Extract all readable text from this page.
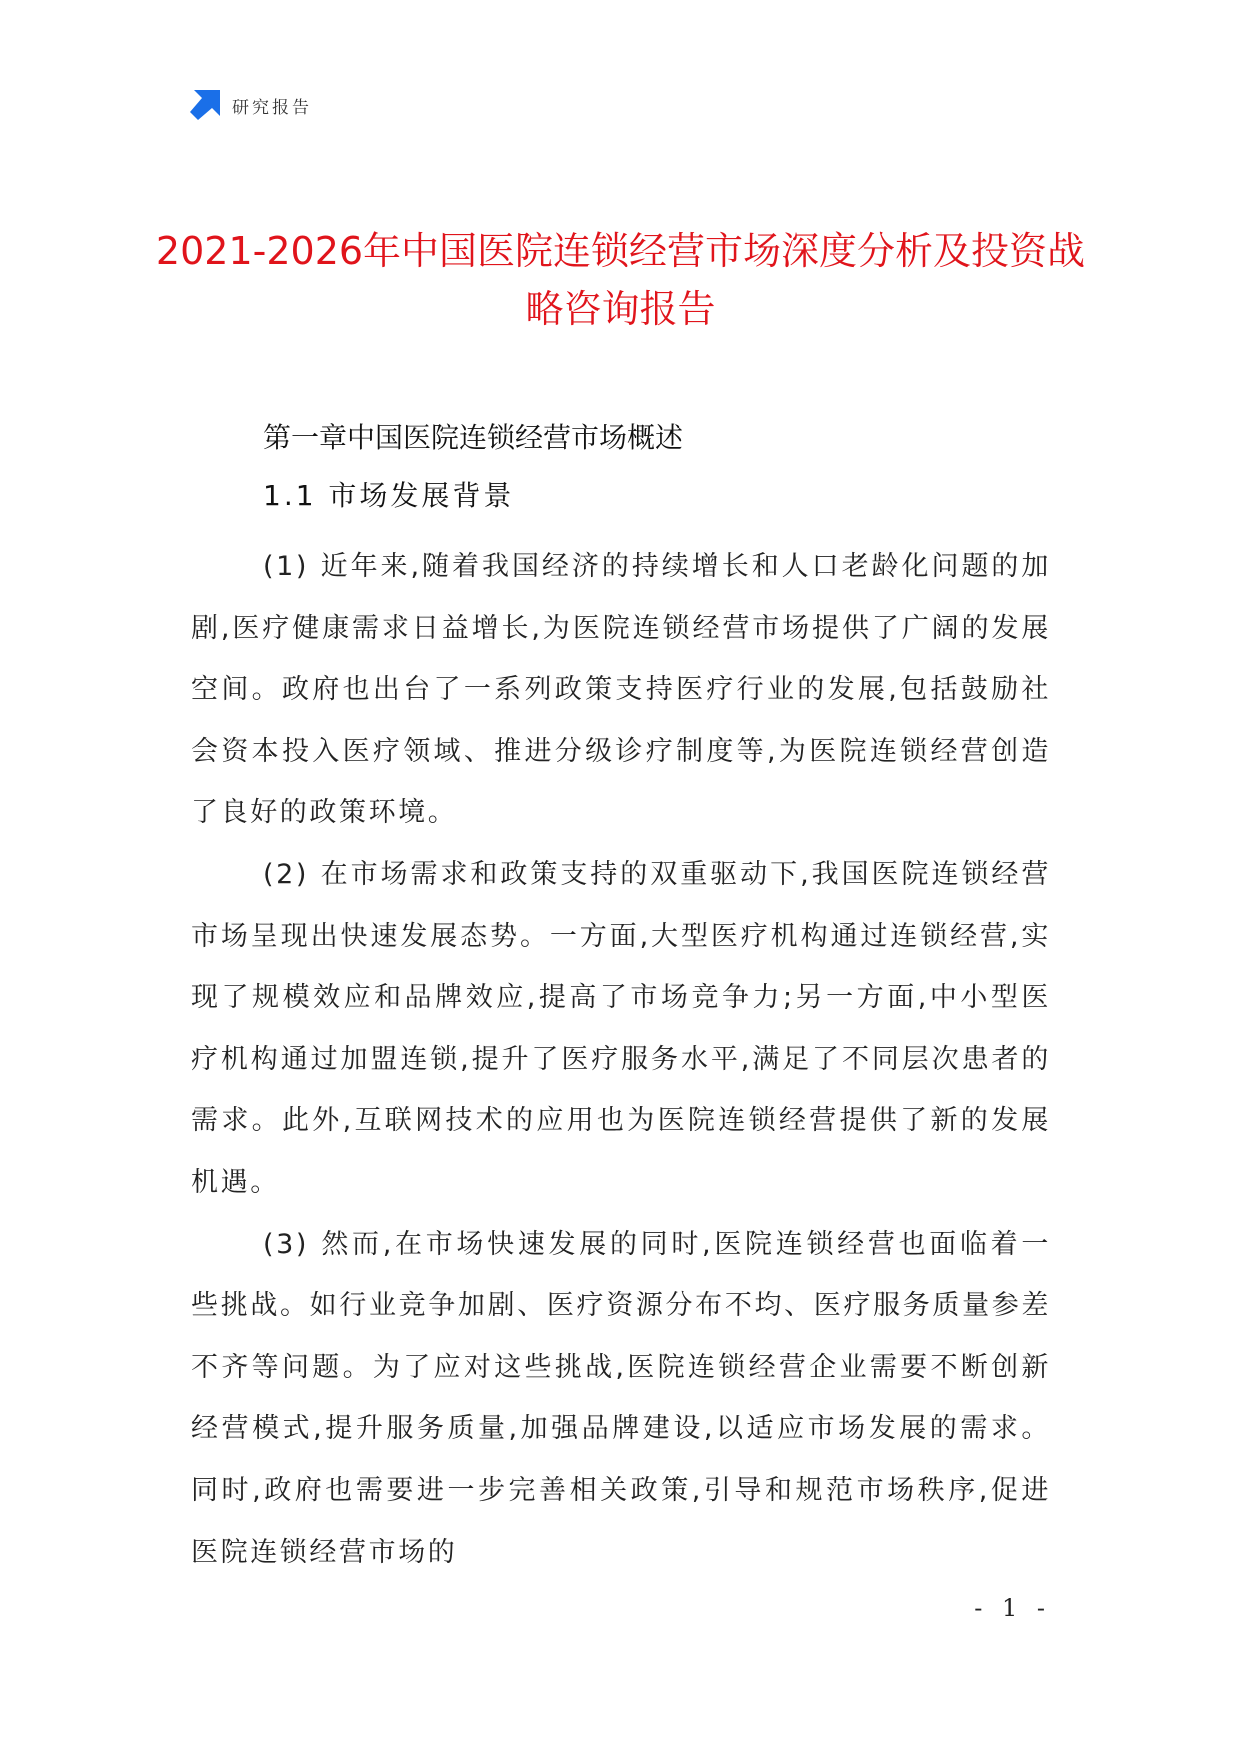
研究报告
2021-2026年中国医院连锁经营市场深度分析及投资战略咨询报告
第一章中国医院连锁经营市场概述
1.1 市场发展背景

(1) 近年来,随着我国经济的持续增长和人口老龄化问题的加剧,医疗健康需求日益增长,为医院连锁经营市场提供了广阔的发展空间。政府也出台了一系列政策支持医疗行业的发展,包括鼓励社会资本投入医疗领域、推进分级诊疗制度等,为医院连锁经营创造了良好的政策环境。

(2) 在市场需求和政策支持的双重驱动下,我国医院连锁经营市场呈现出快速发展态势。一方面,大型医疗机构通过连锁经营,实现了规模效应和品牌效应,提高了市场竞争力;另一方面,中小型医疗机构通过加盟连锁,提升了医疗服务水平,满足了不同层次患者的需求。此外,互联网技术的应用也为医院连锁经营提供了新的发展机遇。

(3) 然而,在市场快速发展的同时,医院连锁经营也面临着一些挑战。如行业竞争加剧、医疗资源分布不均、医疗服务质量参差不齐等问题。为了应对这些挑战,医院连锁经营企业需要不断创新经营模式,提升服务质量,加强品牌建设,以适应市场发展的需求。同时,政府也需要进一步完善相关政策,引导和规范市场秩序,促进医院连锁经营市场的

- 1 -
